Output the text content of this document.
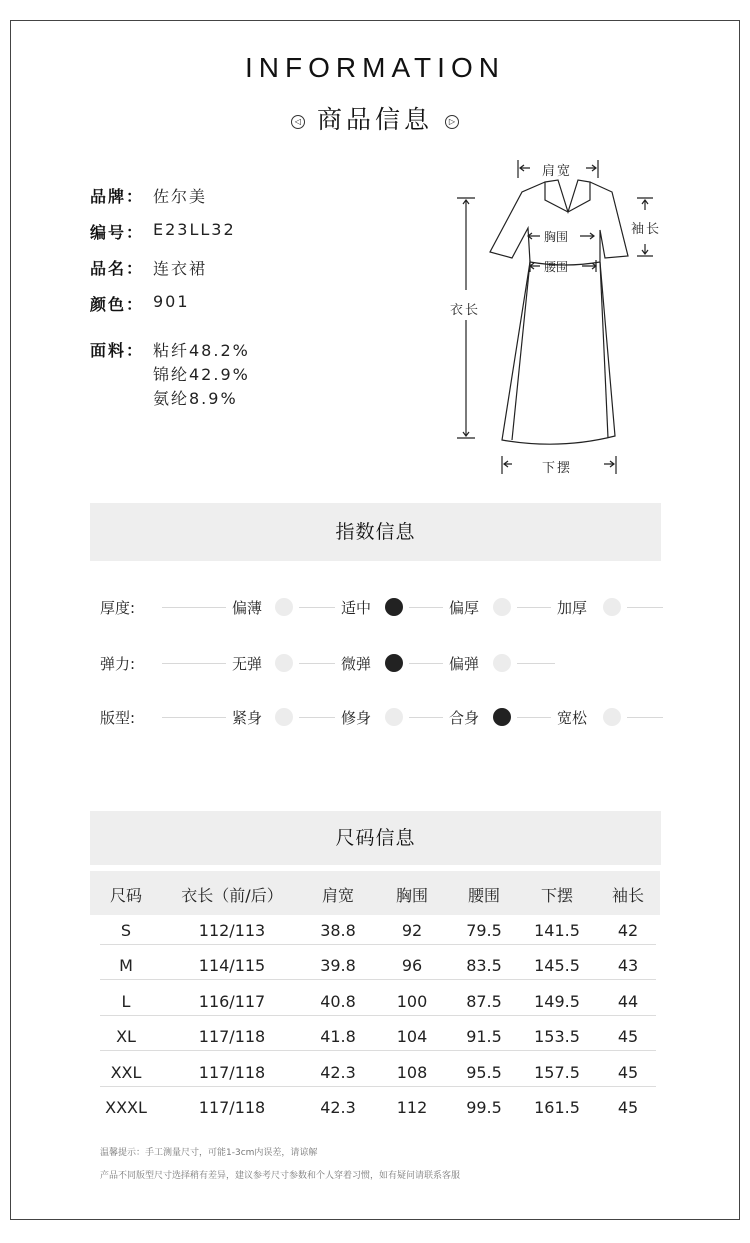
INFORMATION
◁ 商品信息 ▷
品牌： 佐尔美
编号： E23LL32
品名： 连衣裙
颜色： 901
面料： 粘纤48.2%
锦纶42.9%
氨纶8.9%
肩宽
袖长
胸围
腰围
衣长
下摆
指数信息
厚度:	偏薄	适中	偏厚	加厚
弹力:	无弹	微弹	偏弹
版型:	紧身	修身	合身	宽松
尺码信息
尺码 衣长（前/后） 肩宽	胸围 腰围	下摆 袖长
S	112/113	38.8	92	79.5 141.5 42
M	114/115	39.8	96	83.5 145.5 43
L	116/117	40.8	100 87.5 149.5 44
XL	117/118	41.8	104 91.5 153.5 45
XXL	117/118	42.3	108 95.5 157.5 45
XXXL	117/118	42.3	112 99.5 161.5 45
温馨提示：手工测量尺寸，可能1-3cm内误差，请谅解
产品不同版型尺寸选择稍有差异，建议参考尺寸参数和个人穿着习惯，如有疑问请联系客服
